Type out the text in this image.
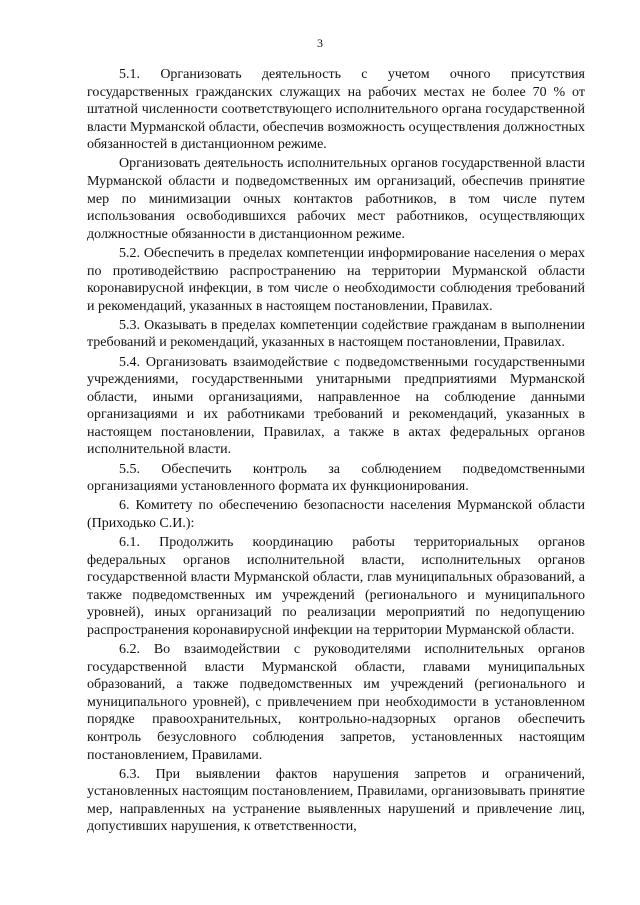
3

5.1. Организовать деятельность с учетом очного присутствия государственных гражданских служащих на рабочих местах не более 70 % от штатной численности соответствующего исполнительного органа государственной власти Мурманской области, обеспечив возможность осуществления должностных обязанностей в дистанционном режиме.

Организовать деятельность исполнительных органов государственной власти Мурманской области и подведомственных им организаций, обеспечив принятие мер по минимизации очных контактов работников, в том числе путем использования освободившихся рабочих мест работников, осуществляющих должностные обязанности в дистанционном режиме.

5.2. Обеспечить в пределах компетенции информирование населения о мерах по противодействию распространению на территории Мурманской области коронавирусной инфекции, в том числе о необходимости соблюдения требований и рекомендаций, указанных в настоящем постановлении, Правилах.

5.3. Оказывать в пределах компетенции содействие гражданам в выполнении требований и рекомендаций, указанных в настоящем постановлении, Правилах.

5.4. Организовать взаимодействие с подведомственными государственными учреждениями, государственными унитарными предприятиями Мурманской области, иными организациями, направленное на соблюдение данными организациями и их работниками требований и рекомендаций, указанных в настоящем постановлении, Правилах, а также в актах федеральных органов исполнительной власти.

5.5. Обеспечить контроль за соблюдением подведомственными организациями установленного формата их функционирования.

6. Комитету по обеспечению безопасности населения Мурманской области (Приходько С.И.):

6.1. Продолжить координацию работы территориальных органов федеральных органов исполнительной власти, исполнительных органов государственной власти Мурманской области, глав муниципальных образований, а также подведомственных им учреждений (регионального и муниципального уровней), иных организаций по реализации мероприятий по недопущению распространения коронавирусной инфекции на территории Мурманской области.

6.2. Во взаимодействии с руководителями исполнительных органов государственной власти Мурманской области, главами муниципальных образований, а также подведомственных им учреждений (регионального и муниципального уровней), с привлечением при необходимости в установленном порядке правоохранительных, контрольно-надзорных органов обеспечить контроль безусловного соблюдения запретов, установленных настоящим постановлением, Правилами.

6.3. При выявлении фактов нарушения запретов и ограничений, установленных настоящим постановлением, Правилами, организовывать принятие мер, направленных на устранение выявленных нарушений и привлечение лиц, допустивших нарушения, к ответственности,
